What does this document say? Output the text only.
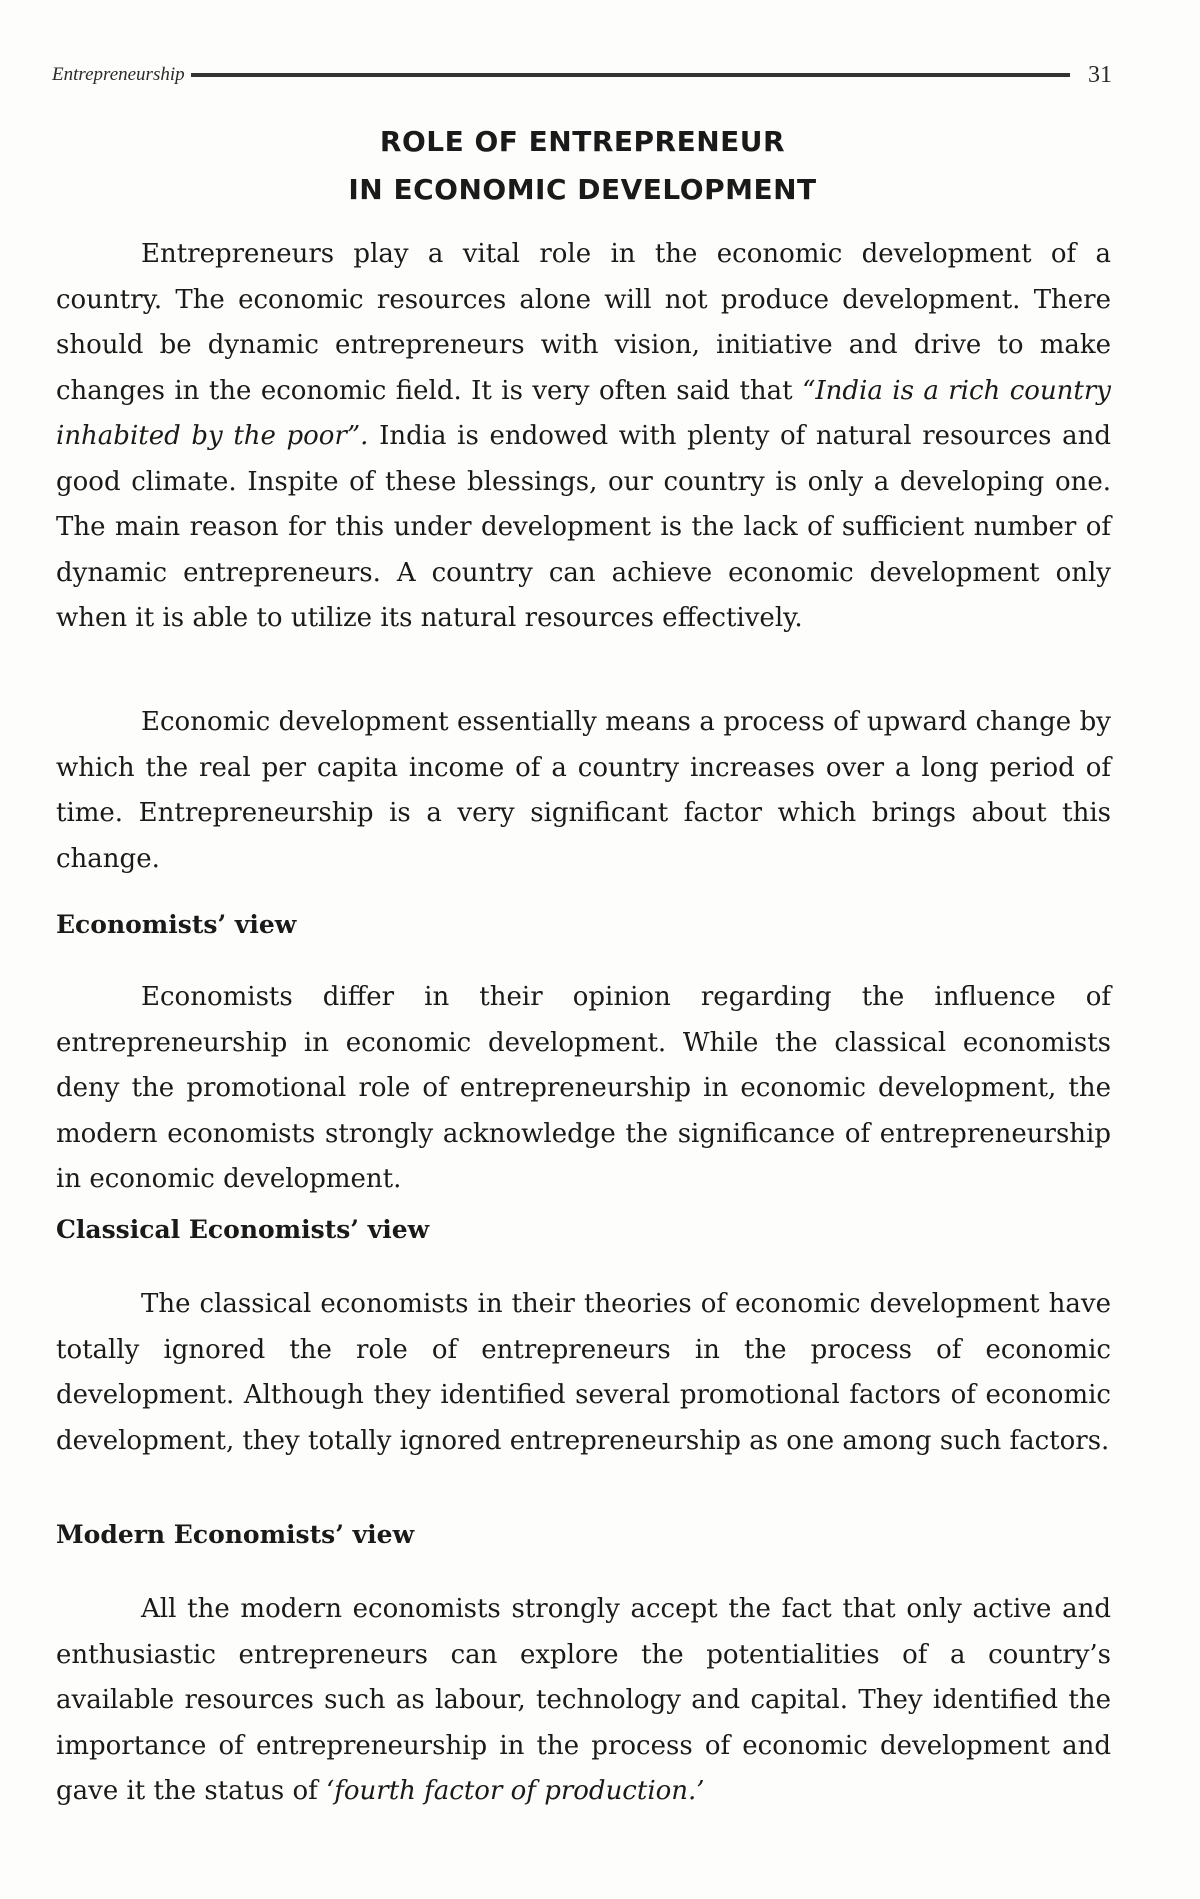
Entrepreneurship	31
ROLE OF ENTREPRENEUR
IN ECONOMIC DEVELOPMENT

Entrepreneurs play a vital role in the economic development of a country. The economic resources alone will not produce development. There should be dynamic entrepreneurs with vision, initiative and drive to make changes in the economic field. It is very often said that “India is a rich country inhabited by the poor”. India is endowed with plenty of natural resources and good climate. Inspite of these blessings, our country is only a developing one. The main reason for this under development is the lack of sufficient number of dynamic entrepreneurs. A country can achieve economic development only when it is able to utilize its natural resources effectively.

Economic development essentially means a process of upward change by which the real per capita income of a country increases over a long period of time. Entrepreneurship is a very significant factor which brings about this change.

Economists’ view

Economists differ in their opinion regarding the influence of entrepreneurship in economic development. While the classical economists deny the promotional role of entrepreneurship in economic development, the modern economists strongly acknowledge the significance of entrepreneurship in economic development.

Classical Economists’ view

The classical economists in their theories of economic development have totally ignored the role of entrepreneurs in the process of economic development. Although they identified several promotional factors of economic development, they totally ignored entrepreneurship as one among such factors.

Modern Economists’ view

All the modern economists strongly accept the fact that only active and enthusiastic entrepreneurs can explore the potentialities of a country’s available resources such as labour, technology and capital. They identified the importance of entrepreneurship in the process of economic development and gave it the status of ‘fourth factor of production.’
